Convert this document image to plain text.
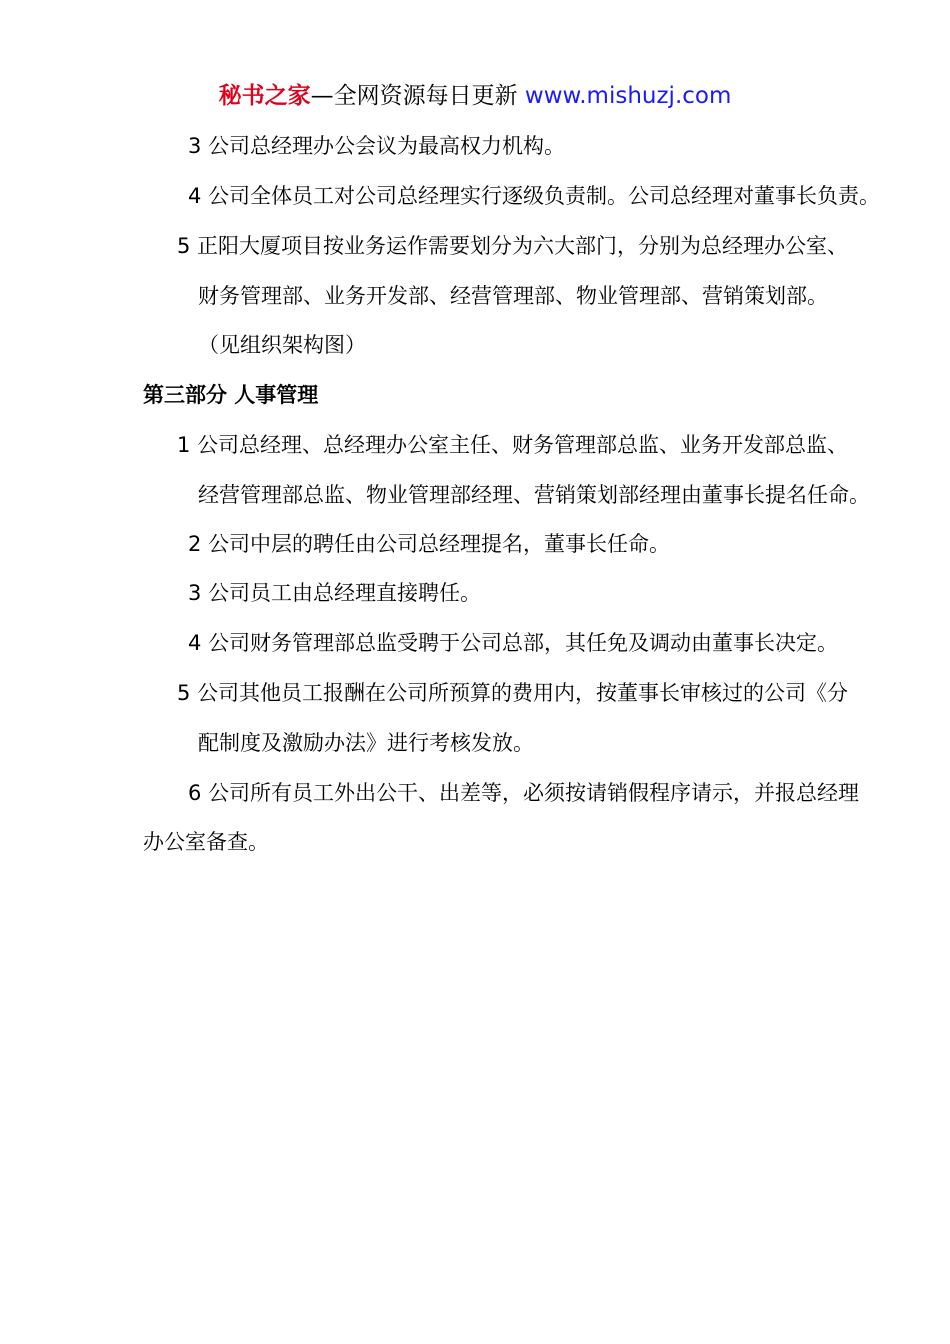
秘书之家—全网资源每日更新 www.mishuzj.com
3 公司总经理办公会议为最高权力机构。
4 公司全体员工对公司总经理实行逐级负责制。公司总经理对董事长负责。
5 正阳大厦项目按业务运作需要划分为六大部门，分别为总经理办公室、
财务管理部、业务开发部、经营管理部、物业管理部、营销策划部。
（见组织架构图）
第三部分 人事管理
1 公司总经理、总经理办公室主任、财务管理部总监、业务开发部总监、
经营管理部总监、物业管理部经理、营销策划部经理由董事长提名任命。
2 公司中层的聘任由公司总经理提名，董事长任命。
3 公司员工由总经理直接聘任。
4 公司财务管理部总监受聘于公司总部，其任免及调动由董事长决定。
5 公司其他员工报酬在公司所预算的费用内，按董事长审核过的公司《分
配制度及激励办法》进行考核发放。
6 公司所有员工外出公干、出差等，必须按请销假程序请示，并报总经理
办公室备查。
